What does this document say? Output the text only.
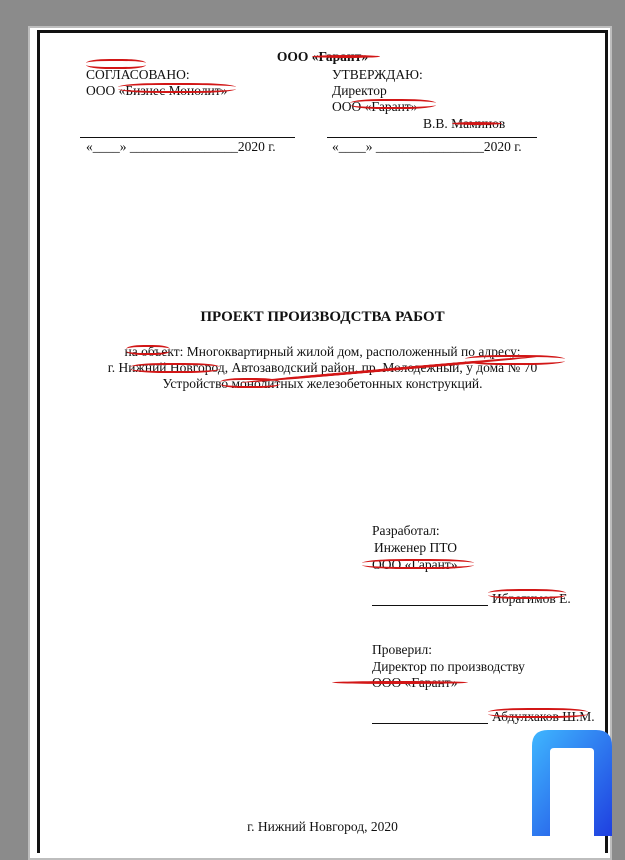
ООО «Гарант»
СОГЛАСОВАНО:
ООО «Бизнес Монолит»
«____» ________________2020 г.
УТВЕРЖДАЮ:
Директор
ООО «Гарант»
В.В. Маминов
«____» ________________2020 г.
ПРОЕКТ ПРОИЗВОДСТВА РАБОТ
на объект: Многоквартирный жилой дом, расположенный по адресу:
г. Нижний Новгород, Автозаводский район, пр. Молодежный, у дома № 70
Устройство монолитных железобетонных конструкций.
Разработал:
Инженер ПТО
ООО «Гарант»
Ибрагимов Е.
Проверил:
Директор по производству
ООО «Гарант»
Абдулхаков Ш.М.
г. Нижний Новгород, 2020
